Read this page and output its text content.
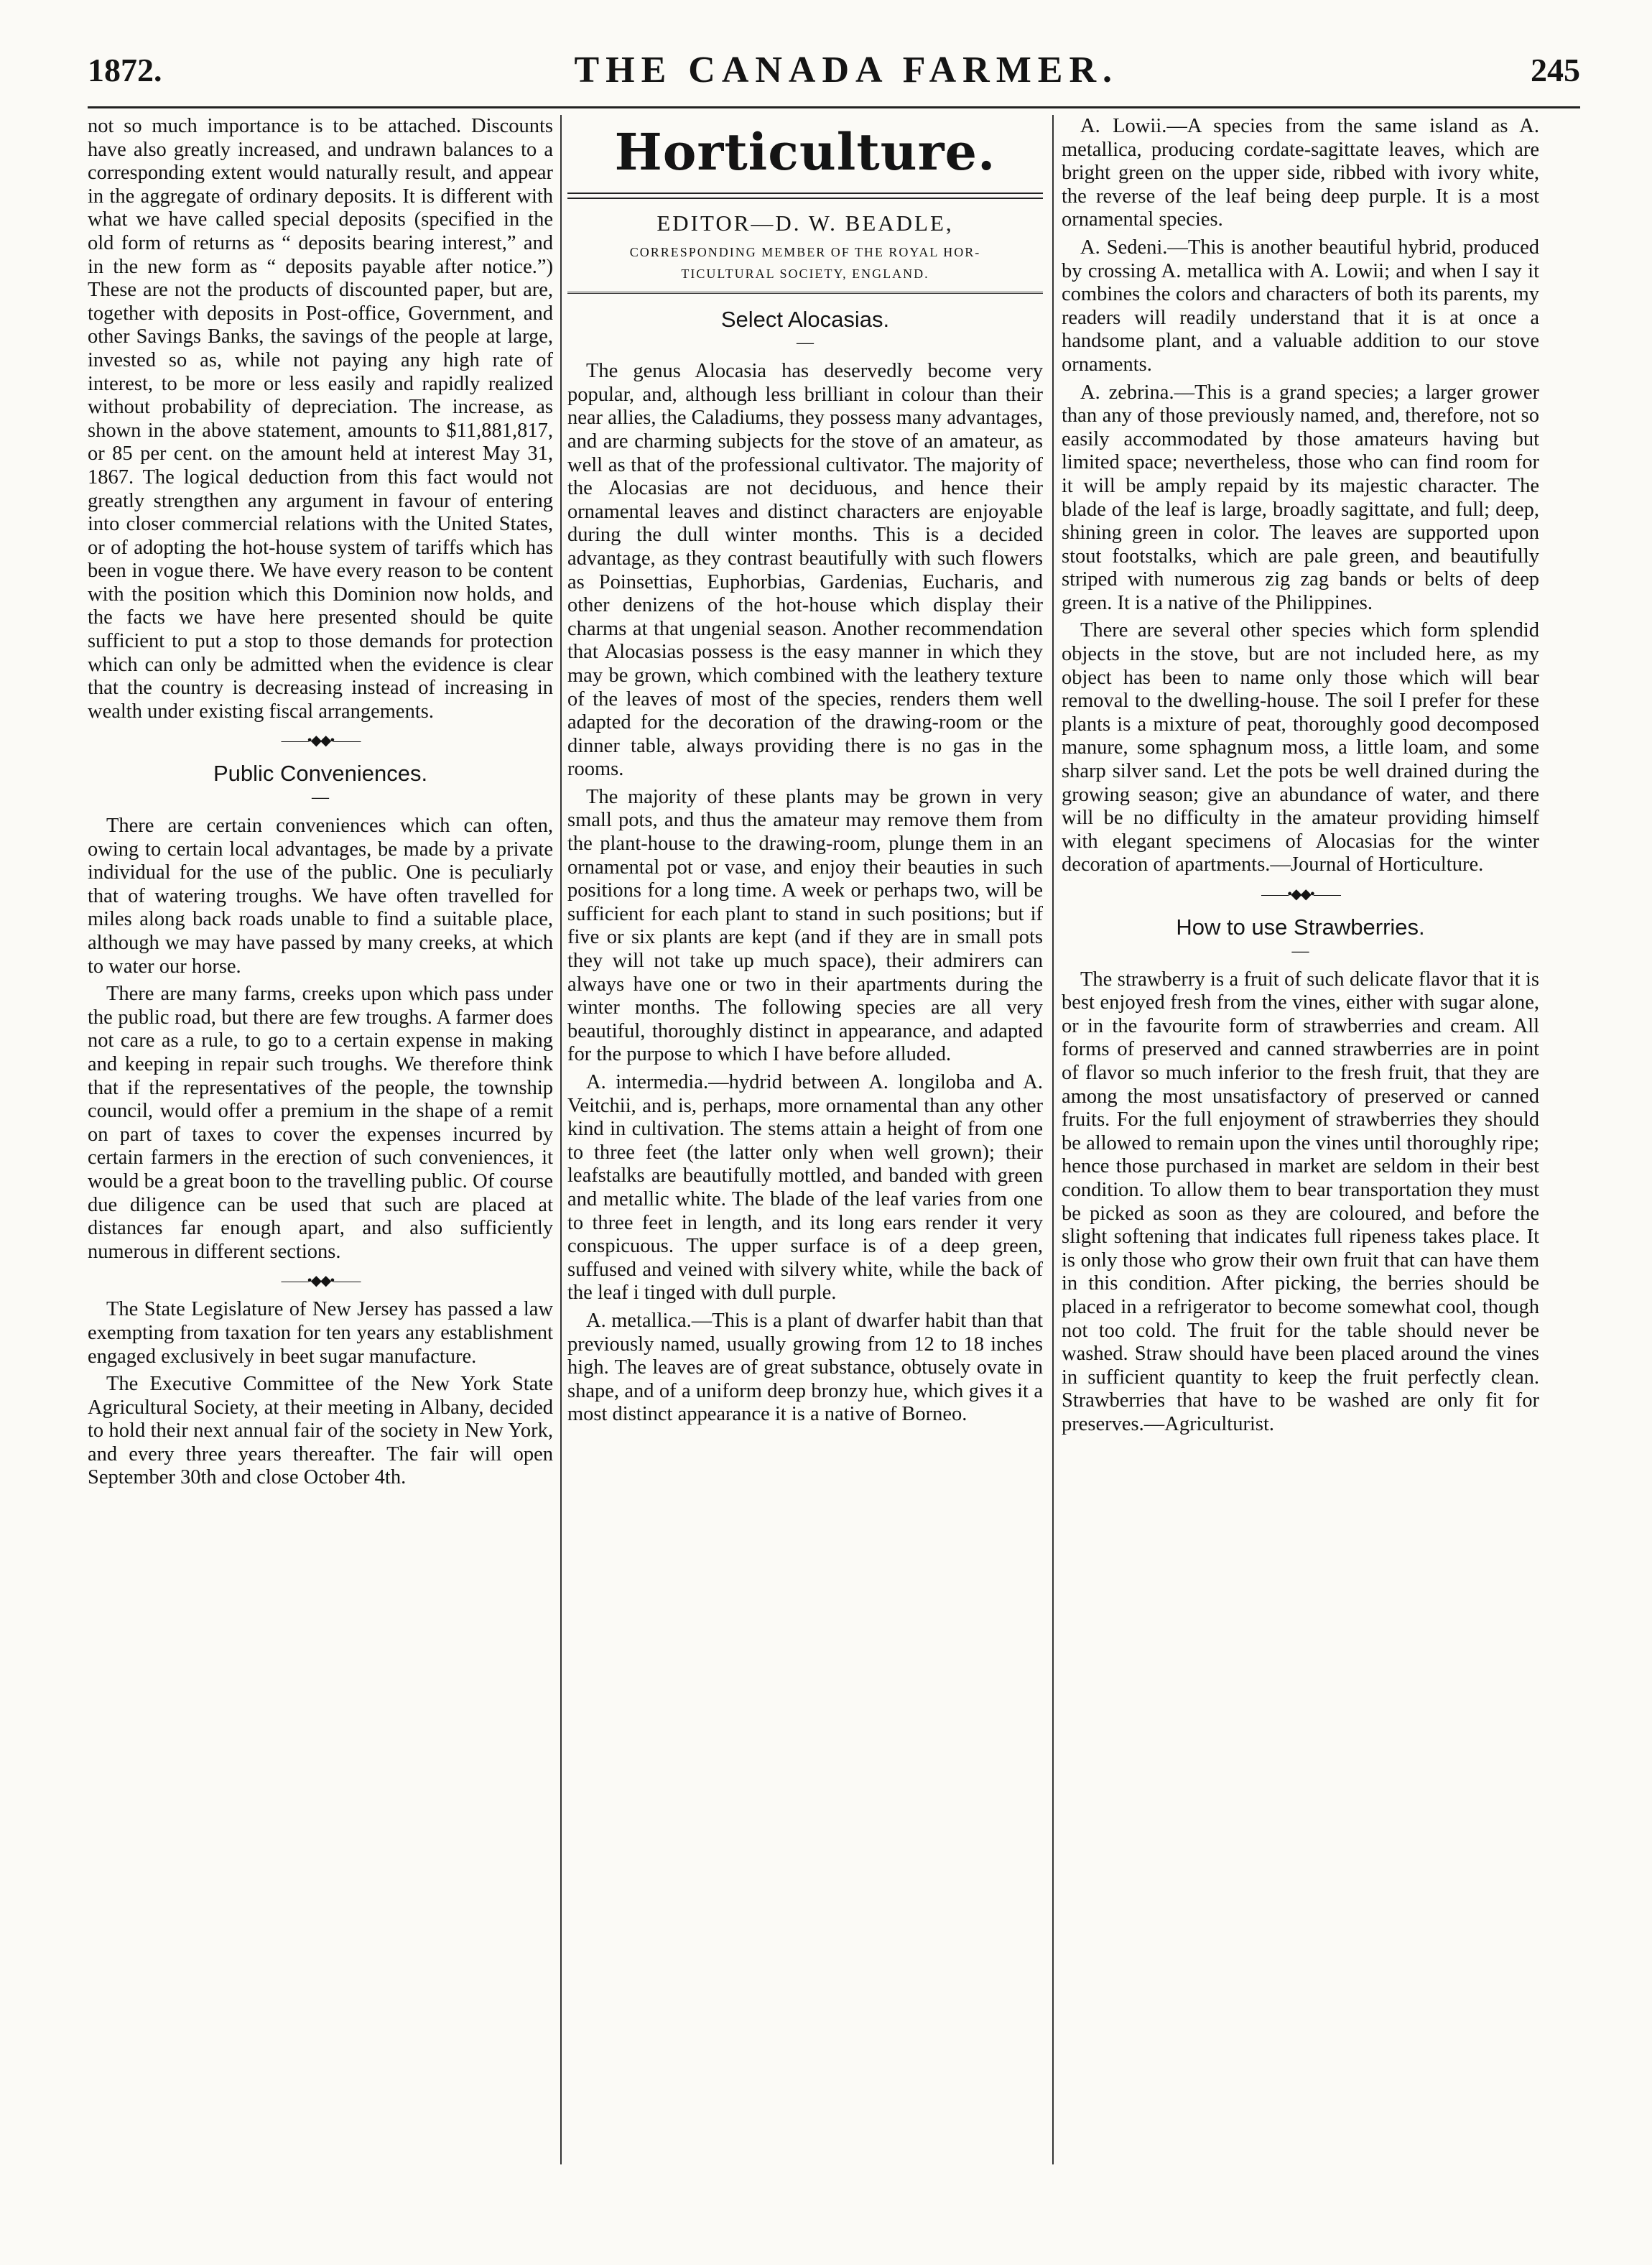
1872.	THE CANADA FARMER.	245

not so much importance is to be attached. Discounts have also greatly increased, and undrawn balances to a corresponding extent would naturally result, and appear in the aggregate of ordinary deposits. It is different with what we have called special deposits (specified in the old form of returns as “ deposits bearing interest,” and in the new form as “ deposits payable after notice.”) These are not the products of discounted paper, but are, together with deposits in Post-office, Government, and other Savings Banks, the savings of the people at large, invested so as, while not paying any high rate of interest, to be more or less easily and rapidly realized without probability of depreciation. The increase, as shown in the above statement, amounts to $11,881,817, or 85 per cent. on the amount held at interest May 31, 1867. The logical deduction from this fact would not greatly strengthen any argument in favour of entering into closer commercial relations with the United States, or of adopting the hot-house system of tariffs which has been in vogue there. We have every reason to be content with the position which this Dominion now holds, and the facts we have here presented should be quite sufficient to put a stop to those demands for protection which can only be admitted when the evidence is clear that the country is decreasing instead of increasing in wealth under existing fiscal arrangements.

——•◆◆•——
Public Conveniences.
—

There are certain conveniences which can often, owing to certain local advantages, be made by a private individual for the use of the public. One is peculiarly that of watering troughs. We have often travelled for miles along back roads unable to find a suitable place, although we may have passed by many creeks, at which to water our horse.

There are many farms, creeks upon which pass under the public road, but there are few troughs. A farmer does not care as a rule, to go to a certain expense in making and keeping in repair such troughs. We therefore think that if the representatives of the people, the township council, would offer a premium in the shape of a remit on part of taxes to cover the expenses incurred by certain farmers in the erection of such conveniences, it would be a great boon to the travelling public. Of course due diligence can be used that such are placed at distances far enough apart, and also sufficiently numerous in different sections.

——•◆◆•——

The State Legislature of New Jersey has passed a law exempting from taxation for ten years any establishment engaged exclusively in beet sugar manufacture.

The Executive Committee of the New York State Agricultural Society, at their meeting in Albany, decided to hold their next annual fair of the society in New York, and every three years thereafter. The fair will open September 30th and close October 4th.

Horticulture.
EDITOR—D. W. BEADLE,
CORRESPONDING MEMBER OF THE ROYAL HOR-
TICULTURAL SOCIETY, ENGLAND.
Select Alocasias.
—

The genus Alocasia has deservedly become very popular, and, although less brilliant in colour than their near allies, the Caladiums, they possess many advantages, and are charming subjects for the stove of an amateur, as well as that of the professional cultivator. The majority of the Alocasias are not deciduous, and hence their ornamental leaves and distinct characters are enjoyable during the dull winter months. This is a decided advantage, as they contrast beautifully with such flowers as Poinsettias, Euphorbias, Gardenias, Eucharis, and other denizens of the hot-house which display their charms at that ungenial season. Another recommendation that Alocasias possess is the easy manner in which they may be grown, which combined with the leathery texture of the leaves of most of the species, renders them well adapted for the decoration of the drawing-room or the dinner table, always providing there is no gas in the rooms.

The majority of these plants may be grown in very small pots, and thus the amateur may remove them from the plant-house to the drawing-room, plunge them in an ornamental pot or vase, and enjoy their beauties in such positions for a long time. A week or perhaps two, will be sufficient for each plant to stand in such positions; but if five or six plants are kept (and if they are in small pots they will not take up much space), their admirers can always have one or two in their apartments during the winter months. The following species are all very beautiful, thoroughly distinct in appearance, and adapted for the purpose to which I have before alluded.

A. intermedia.—hydrid between A. longiloba and A. Veitchii, and is, perhaps, more ornamental than any other kind in cultivation. The stems attain a height of from one to three feet (the latter only when well grown); their leafstalks are beautifully mottled, and banded with green and metallic white. The blade of the leaf varies from one to three feet in length, and its long ears render it very conspicuous. The upper surface is of a deep green, suffused and veined with silvery white, while the back of the leaf i tinged with dull purple.

A. metallica.—This is a plant of dwarfer habit than that previously named, usually growing from 12 to 18 inches high. The leaves are of great substance, obtusely ovate in shape, and of a uniform deep bronzy hue, which gives it a most distinct appearance it is a native of Borneo.

A. Lowii.—A species from the same island as A. metallica, producing cordate-sagittate leaves, which are bright green on the upper side, ribbed with ivory white, the reverse of the leaf being deep purple. It is a most ornamental species.

A. Sedeni.—This is another beautiful hybrid, produced by crossing A. metallica with A. Lowii; and when I say it combines the colors and characters of both its parents, my readers will readily understand that it is at once a handsome plant, and a valuable addition to our stove ornaments.

A. zebrina.—This is a grand species; a larger grower than any of those previously named, and, therefore, not so easily accommodated by those amateurs having but limited space; nevertheless, those who can find room for it will be amply repaid by its majestic character. The blade of the leaf is large, broadly sagittate, and full; deep, shining green in color. The leaves are supported upon stout footstalks, which are pale green, and beautifully striped with numerous zig zag bands or belts of deep green. It is a native of the Philippines.

There are several other species which form splendid objects in the stove, but are not included here, as my object has been to name only those which will bear removal to the dwelling-house. The soil I prefer for these plants is a mixture of peat, thoroughly good decomposed manure, some sphagnum moss, a little loam, and some sharp silver sand. Let the pots be well drained during the growing season; give an abundance of water, and there will be no difficulty in the amateur providing himself with elegant specimens of Alocasias for the winter decoration of apartments.—Journal of Horticulture.

——•◆◆•——
How to use Strawberries.
—

The strawberry is a fruit of such delicate flavor that it is best enjoyed fresh from the vines, either with sugar alone, or in the favourite form of strawberries and cream. All forms of preserved and canned strawberries are in point of flavor so much inferior to the fresh fruit, that they are among the most unsatisfactory of preserved or canned fruits. For the full enjoyment of strawberries they should be allowed to remain upon the vines until thoroughly ripe; hence those purchased in market are seldom in their best condition. To allow them to bear transportation they must be picked as soon as they are coloured, and before the slight softening that indicates full ripeness takes place. It is only those who grow their own fruit that can have them in this condition. After picking, the berries should be placed in a refrigerator to become somewhat cool, though not too cold. The fruit for the table should never be washed. Straw should have been placed around the vines in sufficient quantity to keep the fruit perfectly clean. Strawberries that have to be washed are only fit for preserves.—Agriculturist.
